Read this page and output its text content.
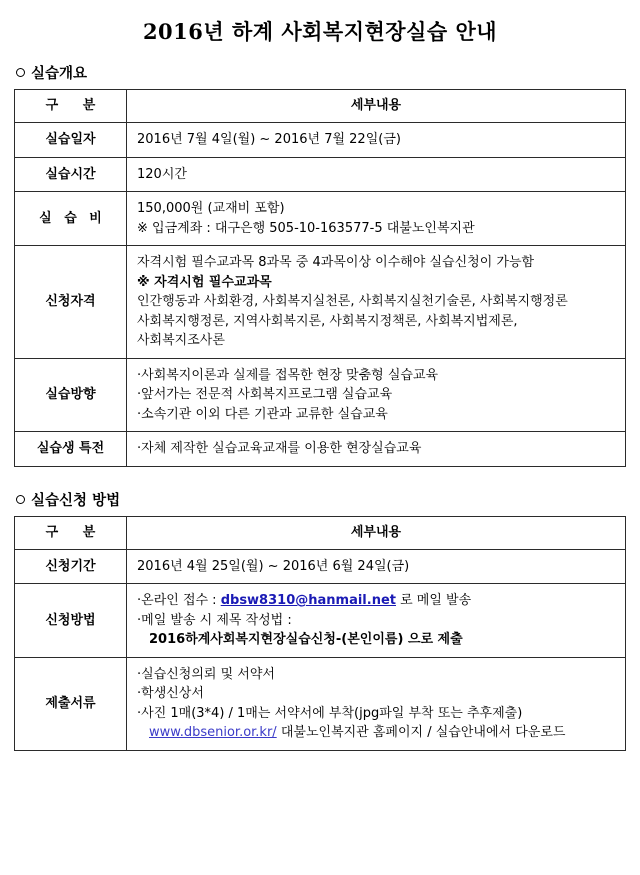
2016년 하계 사회복지현장실습 안내
실습개요
구 분	세부내용
실습일자	2016년 7월 4일(월) ~ 2016년 7월 22일(금)

실습시간	120시간

실 습 비	150,000원 (교재비 포함)
※ 입금계좌 : 대구은행 505-10-163577-5 대불노인복지관

신청자격	자격시험 필수교과목 8과목 중 4과목이상 이수해야 실습신청이 가능함
※ 자격시험 필수교과목
인간행동과 사회환경, 사회복지실천론, 사회복지실천기술론, 사회복지행정론
사회복지행정론, 지역사회복지론, 사회복지정책론, 사회복지법제론,
사회복지조사론

실습방향	·사회복지이론과 실제를 접목한 현장 맞춤형 실습교육
·앞서가는 전문적 사회복지프로그램 실습교육
·소속기관 이외 다른 기관과 교류한 실습교육

실습생 특전	·자체 제작한 실습교육교재를 이용한 현장실습교육
실습신청 방법
구 분	세부내용
신청기간	2016년 4월 25일(월) ~ 2016년 6월 24일(금)

신청방법	·온라인 접수 : dbsw8310@hanmail.net 로 메일 발송
·메일 발송 시 제목 작성법 :
2016하계사회복지현장실습신청-(본인이름) 으로 제출

제출서류	·실습신청의뢰 및 서약서
·학생신상서
·사진 1매(3*4) / 1매는 서약서에 부착(jpg파일 부착 또는 추후제출)
www.dbsenior.or.kr/ 대불노인복지관 홈페이지 / 실습안내에서 다운로드
